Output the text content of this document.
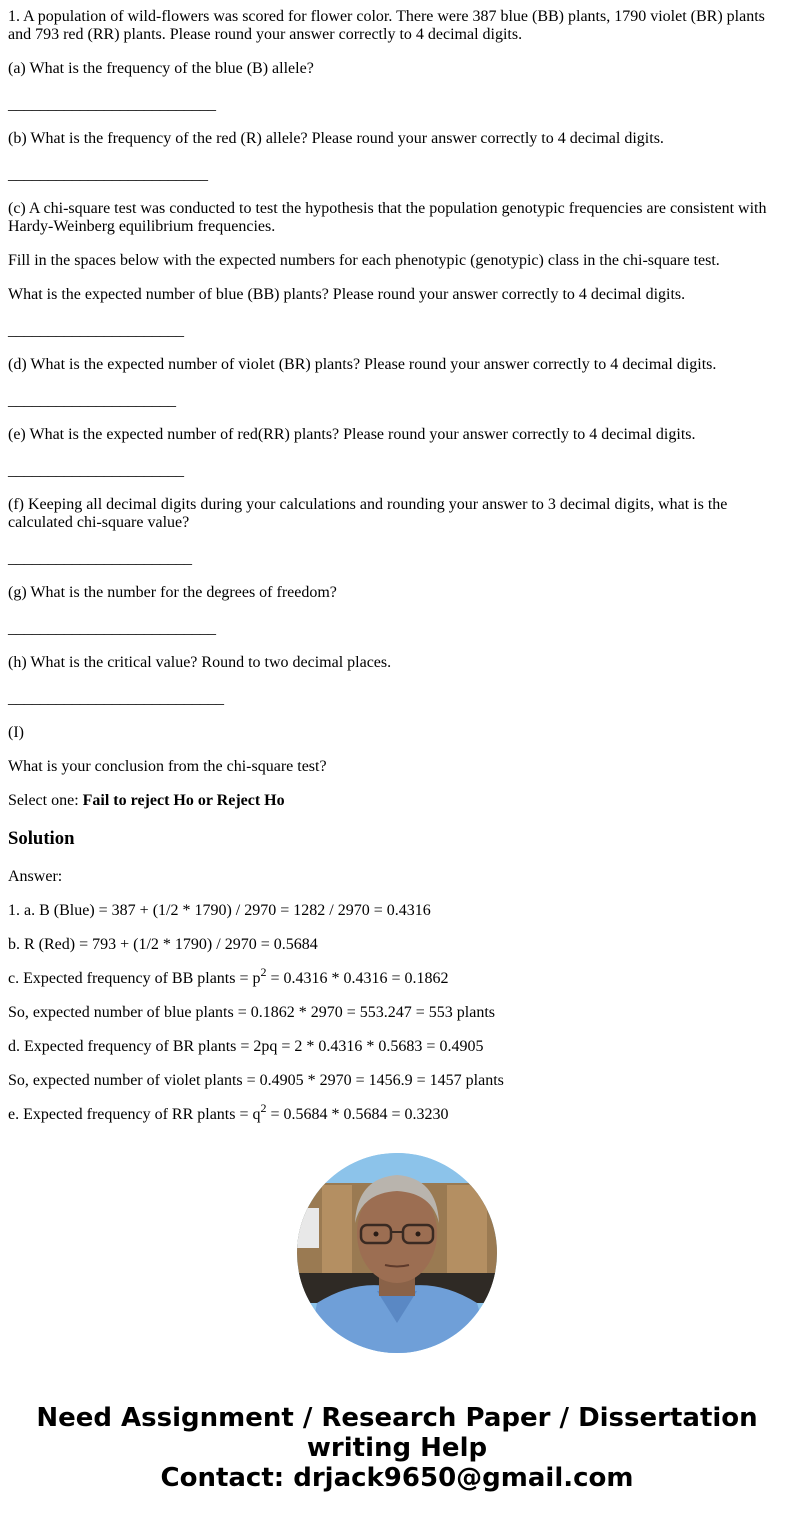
1. A population of wild-flowers was scored for flower color. There were 387 blue (BB) plants, 1790 violet (BR) plants and 793 red (RR) plants. Please round your answer correctly to 4 decimal digits.

(a) What is the frequency of the blue (B) allele?

__________________________

(b) What is the frequency of the red (R) allele? Please round your answer correctly to 4 decimal digits.

_________________________

(c) A chi-square test was conducted to test the hypothesis that the population genotypic frequencies are consistent with Hardy-Weinberg equilibrium frequencies.

Fill in the spaces below with the expected numbers for each phenotypic (genotypic) class in the chi-square test.

What is the expected number of blue (BB) plants? Please round your answer correctly to 4 decimal digits.

______________________

(d) What is the expected number of violet (BR) plants? Please round your answer correctly to 4 decimal digits.

_____________________

(e) What is the expected number of red(RR) plants? Please round your answer correctly to 4 decimal digits.

______________________

(f) Keeping all decimal digits during your calculations and rounding your answer to 3 decimal digits, what is the calculated chi-square value?

_______________________

(g) What is the number for the degrees of freedom?

__________________________

(h) What is the critical value? Round to two decimal places.

___________________________

(I)

What is your conclusion from the chi-square test?

Select one: Fail to reject Ho or Reject Ho

Solution

Answer:

1. a. B (Blue) = 387 + (1/2 * 1790) / 2970 = 1282 / 2970 = 0.4316

b. R (Red) = 793 + (1/2 * 1790) / 2970 = 0.5684

c. Expected frequency of BB plants = $p^2 = 0.4316 * 0.4316 = 0.1862$

So, expected number of blue plants = 0.1862 * 2970 = 553.247 = 553 plants

d. Expected frequency of BR plants = 2pq = 2 * 0.4316 * 0.5683 = 0.4905

So, expected number of violet plants = 0.4905 * 2970 = 1456.9 = 1457 plants

e. Expected frequency of RR plants = $q^2 = 0.5684 * 0.5684 = 0.3230$

Need Assignment / Research Paper / Dissertation
writing Help
Contact: drjack9650@gmail.com
